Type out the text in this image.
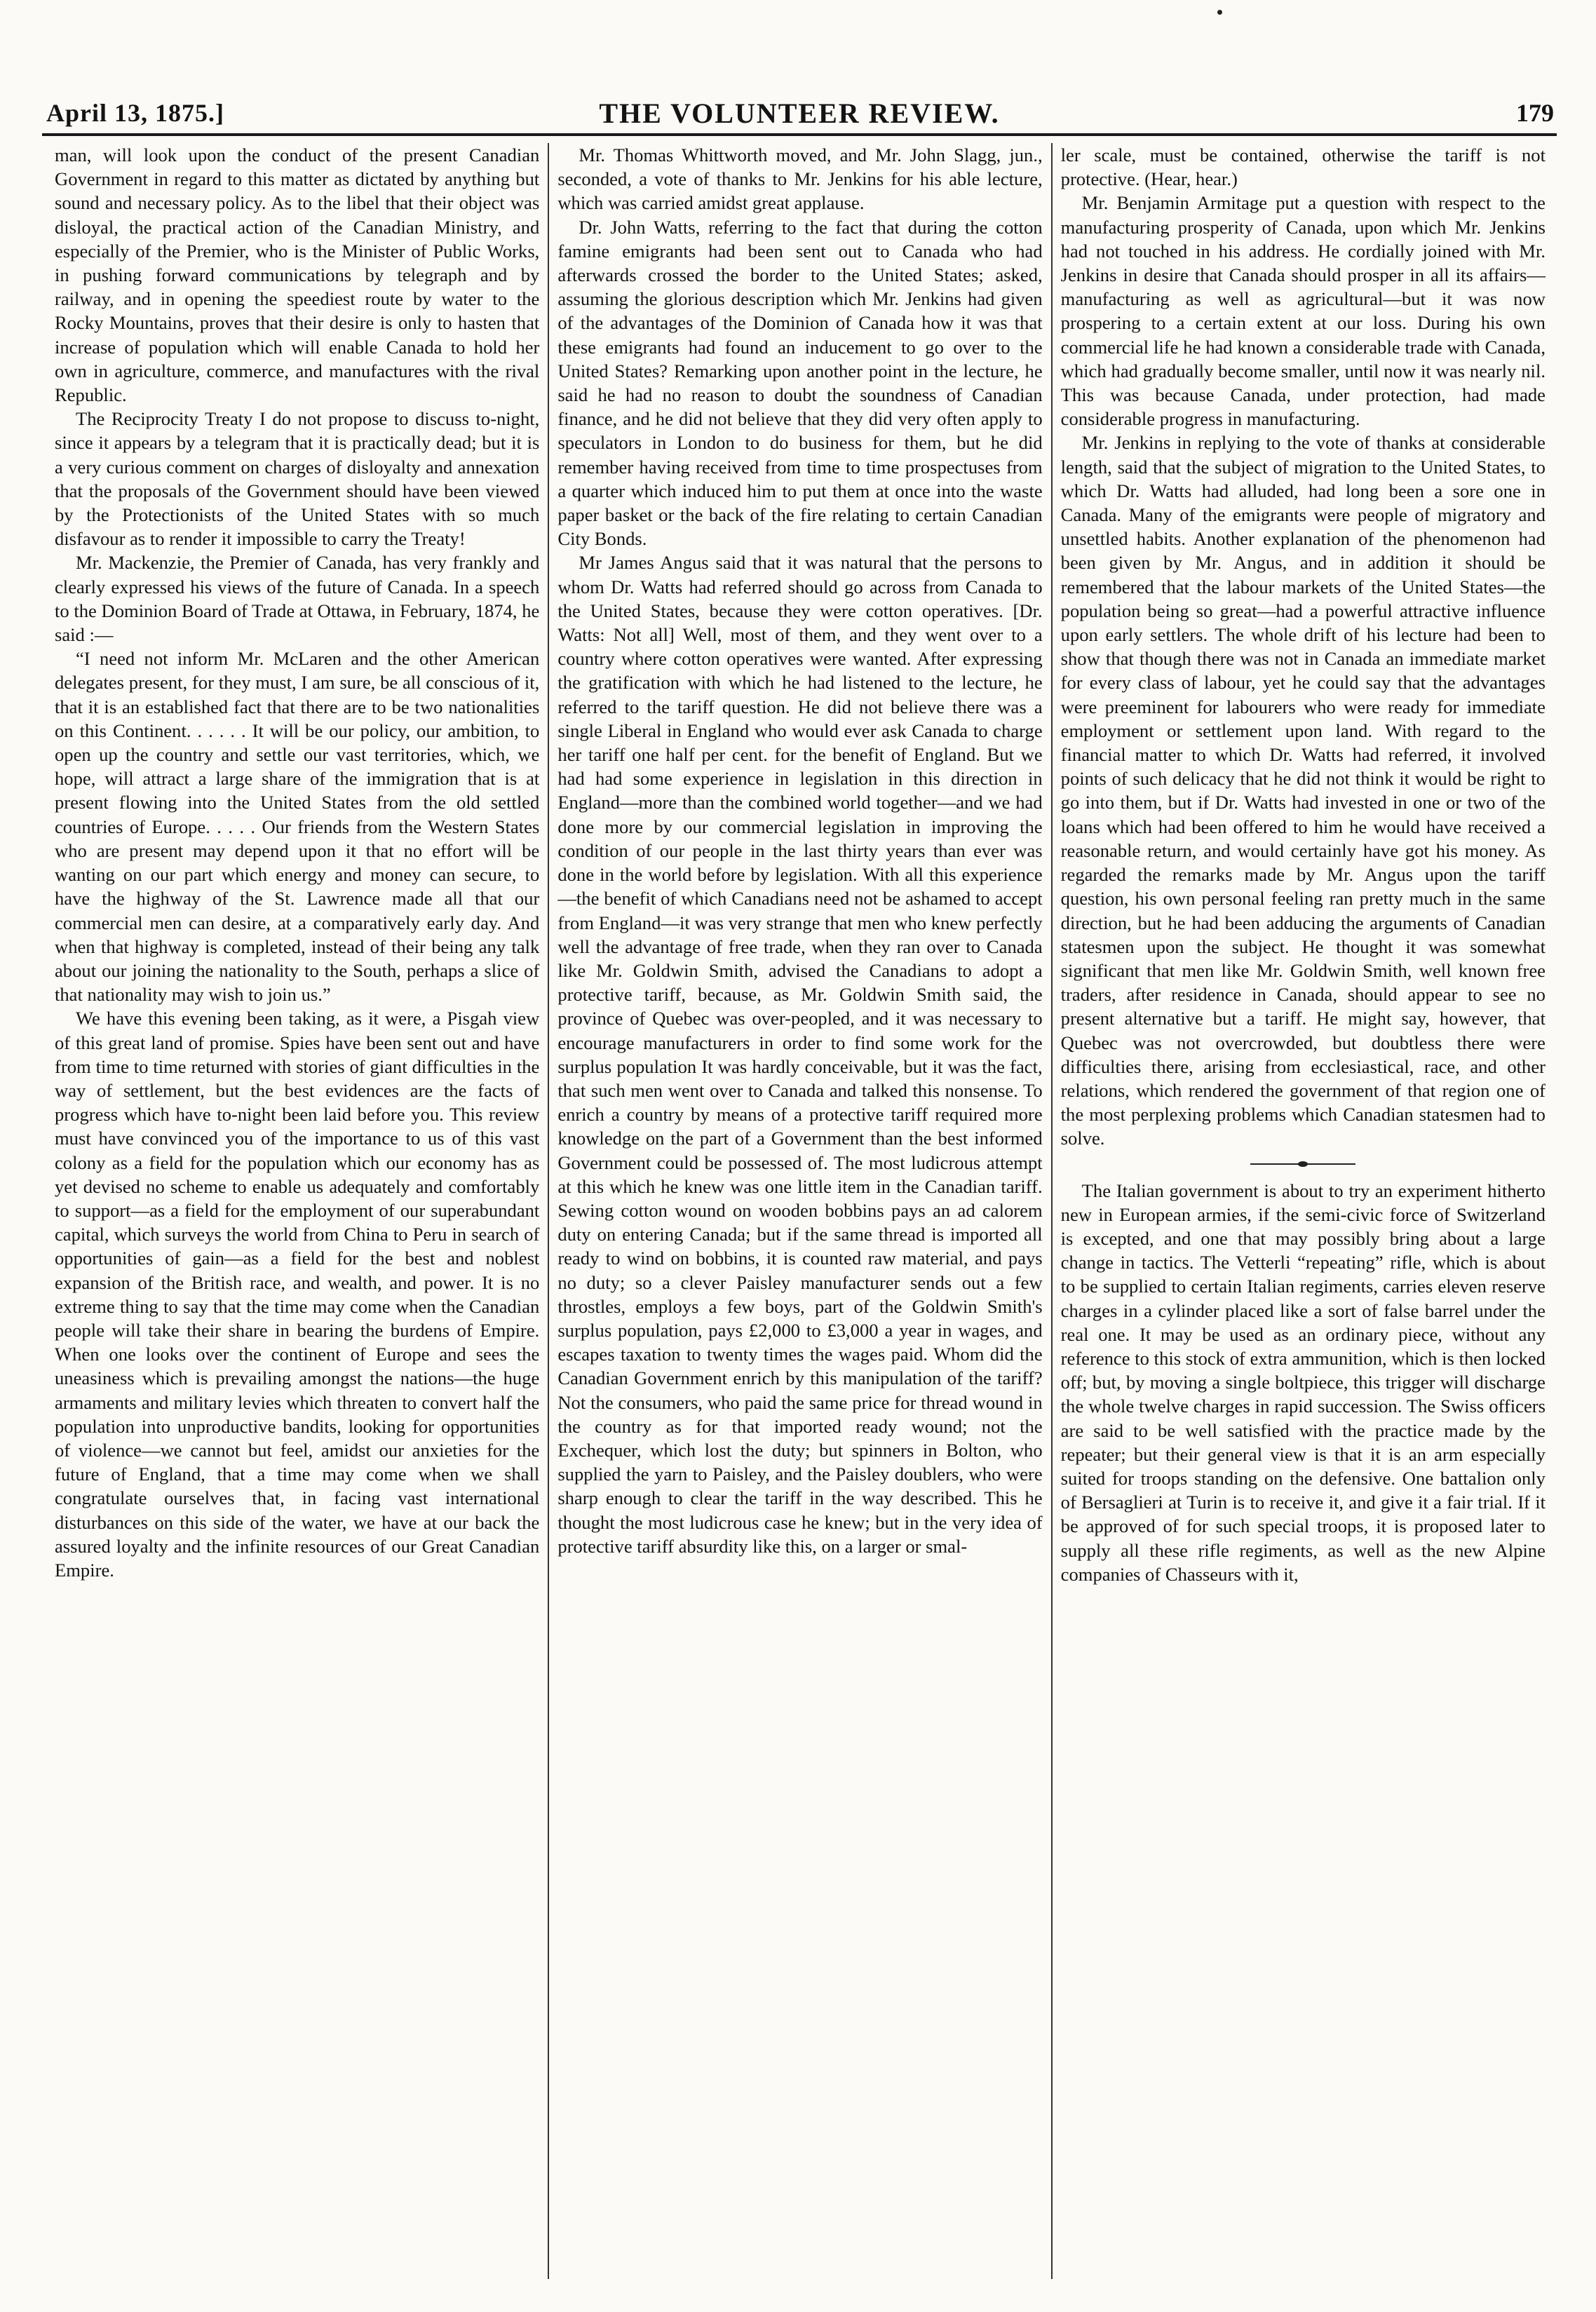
April 13, 1875.]	THE VOLUNTEER REVIEW.	179

man, will look upon the conduct of the present Canadian Government in regard to this matter as dictated by anything but sound and necessary policy. As to the libel that their object was disloyal, the practical action of the Canadian Ministry, and especially of the Premier, who is the Minister of Public Works, in pushing forward communications by telegraph and by railway, and in opening the speediest route by water to the Rocky Mountains, proves that their desire is only to hasten that increase of population which will enable Canada to hold her own in agriculture, commerce, and manufactures with the rival Republic.

The Reciprocity Treaty I do not propose to discuss to-night, since it appears by a telegram that it is practically dead; but it is a very curious comment on charges of disloyalty and annexation that the proposals of the Government should have been viewed by the Protectionists of the United States with so much disfavour as to render it impossible to carry the Treaty!

Mr. Mackenzie, the Premier of Canada, has very frankly and clearly expressed his views of the future of Canada. In a speech to the Dominion Board of Trade at Ottawa, in February, 1874, he said :—

“I need not inform Mr. McLaren and the other American delegates present, for they must, I am sure, be all conscious of it, that it is an established fact that there are to be two nationalities on this Continent. . . . . . It will be our policy, our ambition, to open up the country and settle our vast territories, which, we hope, will attract a large share of the immigration that is at present flowing into the United States from the old settled countries of Europe. . . . . Our friends from the Western States who are present may depend upon it that no effort will be wanting on our part which energy and money can secure, to have the highway of the St. Lawrence made all that our commercial men can desire, at a comparatively early day. And when that highway is completed, instead of their being any talk about our joining the nationality to the South, perhaps a slice of that nationality may wish to join us.”

We have this evening been taking, as it were, a Pisgah view of this great land of promise. Spies have been sent out and have from time to time returned with stories of giant difficulties in the way of settlement, but the best evidences are the facts of progress which have to-night been laid before you. This review must have convinced you of the importance to us of this vast colony as a field for the population which our economy has as yet devised no scheme to enable us adequately and comfortably to support—as a field for the employment of our superabundant capital, which surveys the world from China to Peru in search of opportunities of gain—as a field for the best and noblest expansion of the British race, and wealth, and power. It is no extreme thing to say that the time may come when the Canadian people will take their share in bearing the burdens of Empire. When one looks over the continent of Europe and sees the uneasiness which is prevailing amongst the nations—the huge armaments and military levies which threaten to convert half the population into unproductive bandits, looking for opportunities of violence—we cannot but feel, amidst our anxieties for the future of England, that a time may come when we shall congratulate ourselves that, in facing vast international disturbances on this side of the water, we have at our back the assured loyalty and the infinite resources of our Great Canadian Empire.

Mr. Thomas Whittworth moved, and Mr. John Slagg, jun., seconded, a vote of thanks to Mr. Jenkins for his able lecture, which was carried amidst great applause.

Dr. John Watts, referring to the fact that during the cotton famine emigrants had been sent out to Canada who had afterwards crossed the border to the United States; asked, assuming the glorious description which Mr. Jenkins had given of the advantages of the Dominion of Canada how it was that these emigrants had found an inducement to go over to the United States? Remarking upon another point in the lecture, he said he had no reason to doubt the soundness of Canadian finance, and he did not believe that they did very often apply to speculators in London to do business for them, but he did remember having received from time to time prospectuses from a quarter which induced him to put them at once into the waste paper basket or the back of the fire relating to certain Canadian City Bonds.

Mr James Angus said that it was natural that the persons to whom Dr. Watts had referred should go across from Canada to the United States, because they were cotton operatives. [Dr. Watts: Not all] Well, most of them, and they went over to a country where cotton operatives were wanted. After expressing the gratification with which he had listened to the lecture, he referred to the tariff question. He did not believe there was a single Liberal in England who would ever ask Canada to charge her tariff one half per cent. for the benefit of England. But we had had some experience in legislation in this direction in England—more than the combined world together—and we had done more by our commercial legislation in improving the condition of our people in the last thirty years than ever was done in the world before by legislation. With all this experience—the benefit of which Canadians need not be ashamed to accept from England—it was very strange that men who knew perfectly well the advantage of free trade, when they ran over to Canada like Mr. Goldwin Smith, advised the Canadians to adopt a protective tariff, because, as Mr. Goldwin Smith said, the province of Quebec was over-peopled, and it was necessary to encourage manufacturers in order to find some work for the surplus population It was hardly conceivable, but it was the fact, that such men went over to Canada and talked this nonsense. To enrich a country by means of a protective tariff required more knowledge on the part of a Government than the best informed Government could be possessed of. The most ludicrous attempt at this which he knew was one little item in the Canadian tariff. Sewing cotton wound on wooden bobbins pays an ad calorem duty on entering Canada; but if the same thread is imported all ready to wind on bobbins, it is counted raw material, and pays no duty; so a clever Paisley manufacturer sends out a few throstles, employs a few boys, part of the Goldwin Smith's surplus population, pays £2,000 to £3,000 a year in wages, and escapes taxation to twenty times the wages paid. Whom did the Canadian Government enrich by this manipulation of the tariff? Not the consumers, who paid the same price for thread wound in the country as for that imported ready wound; not the Exchequer, which lost the duty; but spinners in Bolton, who supplied the yarn to Paisley, and the Paisley doublers, who were sharp enough to clear the tariff in the way described. This he thought the most ludicrous case he knew; but in the very idea of protective tariff absurdity like this, on a larger or smal-

ler scale, must be contained, otherwise the tariff is not protective. (Hear, hear.)

Mr. Benjamin Armitage put a question with respect to the manufacturing prosperity of Canada, upon which Mr. Jenkins had not touched in his address. He cordially joined with Mr. Jenkins in desire that Canada should prosper in all its affairs—manufacturing as well as agricultural—but it was now prospering to a certain extent at our loss. During his own commercial life he had known a considerable trade with Canada, which had gradually become smaller, until now it was nearly nil. This was because Canada, under protection, had made considerable progress in manufacturing.

Mr. Jenkins in replying to the vote of thanks at considerable length, said that the subject of migration to the United States, to which Dr. Watts had alluded, had long been a sore one in Canada. Many of the emigrants were people of migratory and unsettled habits. Another explanation of the phenomenon had been given by Mr. Angus, and in addition it should be remembered that the labour markets of the United States—the population being so great—had a powerful attractive influence upon early settlers. The whole drift of his lecture had been to show that though there was not in Canada an immediate market for every class of labour, yet he could say that the advantages were preeminent for labourers who were ready for immediate employment or settlement upon land. With regard to the financial matter to which Dr. Watts had referred, it involved points of such delicacy that he did not think it would be right to go into them, but if Dr. Watts had invested in one or two of the loans which had been offered to him he would have received a reasonable return, and would certainly have got his money. As regarded the remarks made by Mr. Angus upon the tariff question, his own personal feeling ran pretty much in the same direction, but he had been adducing the arguments of Canadian statesmen upon the subject. He thought it was somewhat significant that men like Mr. Goldwin Smith, well known free traders, after residence in Canada, should appear to see no present alternative but a tariff. He might say, however, that Quebec was not overcrowded, but doubtless there were difficulties there, arising from ecclesiastical, race, and other relations, which rendered the government of that region one of the most perplexing problems which Canadian statesmen had to solve.

The Italian government is about to try an experiment hitherto new in European armies, if the semi-civic force of Switzerland is excepted, and one that may possibly bring about a large change in tactics. The Vetterli “repeating” rifle, which is about to be supplied to certain Italian regiments, carries eleven reserve charges in a cylinder placed like a sort of false barrel under the real one. It may be used as an ordinary piece, without any reference to this stock of extra ammunition, which is then locked off; but, by moving a single boltpiece, this trigger will discharge the whole twelve charges in rapid succession. The Swiss officers are said to be well satisfied with the practice made by the repeater; but their general view is that it is an arm especially suited for troops standing on the defensive. One battalion only of Bersaglieri at Turin is to receive it, and give it a fair trial. If it be approved of for such special troops, it is proposed later to supply all these rifle regiments, as well as the new Alpine companies of Chasseurs with it,
